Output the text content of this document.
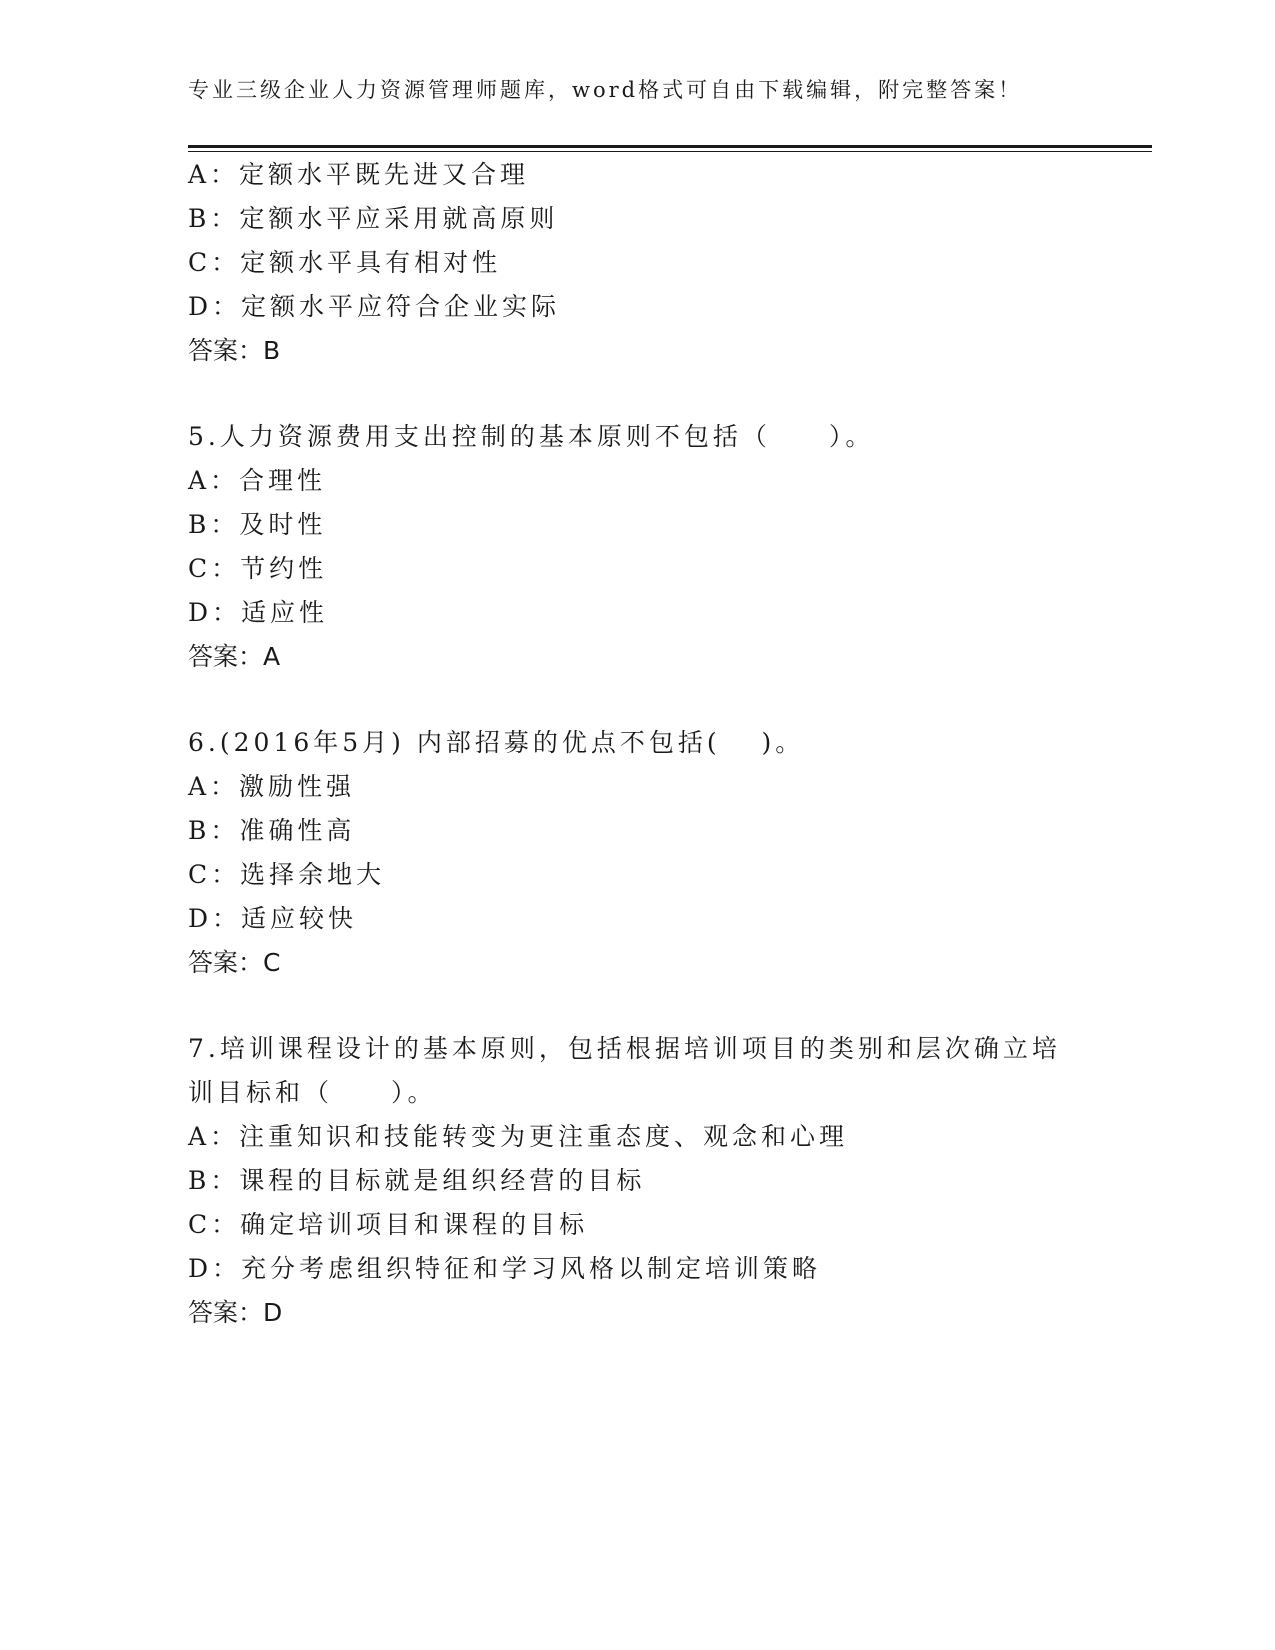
专业三级企业人力资源管理师题库，word格式可自由下载编辑，附完整答案！
A：定额水平既先进又合理
B：定额水平应采用就高原则
C：定额水平具有相对性
D：定额水平应符合企业实际
答案：B
5.人力资源费用支出控制的基本原则不包括（　　）。
A：合理性
B：及时性
C：节约性
D：适应性
答案：A
6.(2016年5月) 内部招募的优点不包括(　 )。
A：激励性强
B：准确性高
C：选择余地大
D：适应较快
答案：C
7.培训课程设计的基本原则，包括根据培训项目的类别和层次确立培
训目标和（　　）。
A：注重知识和技能转变为更注重态度、观念和心理
B：课程的目标就是组织经营的目标
C：确定培训项目和课程的目标
D：充分考虑组织特征和学习风格以制定培训策略
答案：D
